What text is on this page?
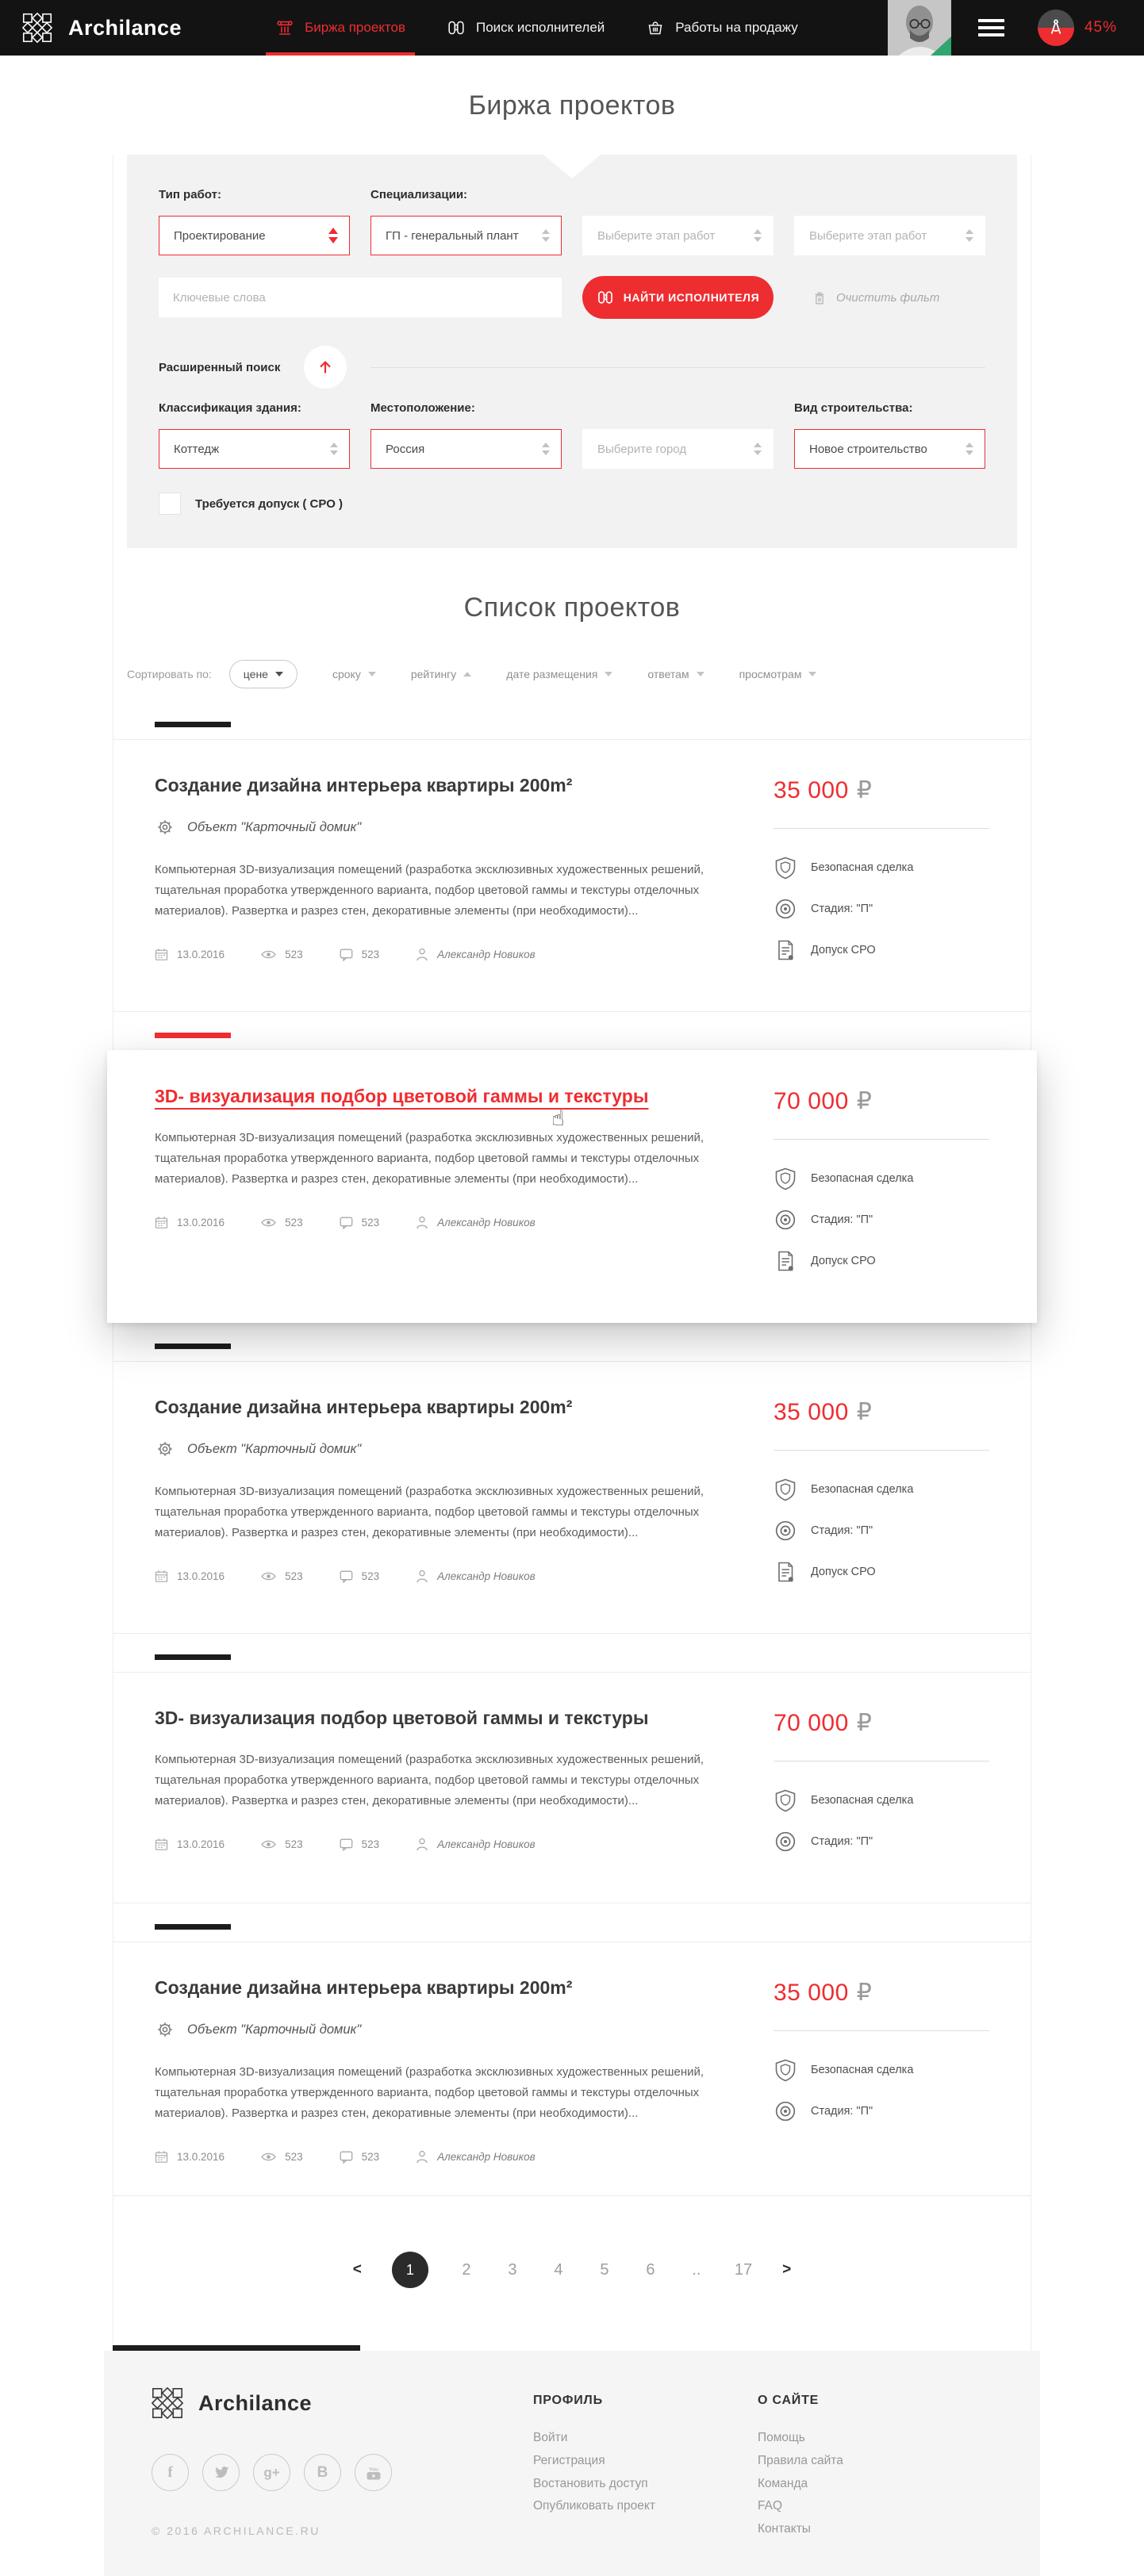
Archilance	Биржа проектов	Поиск исполнителей	Работы на продажу	45%
Биржа проектов
Тип работ:	Специализации:
Проектирование	ГП - генеральный плант	Выберите этап работ	Выберите этап работ
Ключевые слова
НАЙТИ ИСПОЛНИТЕЛЯ	Очистить фильт
Расширенный поиск
Классификация здания:	Местоположение:	Вид строительства:
Коттедж	Россия	Выберите город	Новое строительство
Требуется допуск ( СРО )
Список проектов
Сортировать по:	цене	сроку	рейтингу	дате размещения	ответам	просмотрам
Создание дизайна интерьера квартиры 200m²

Объект "Карточный домик"

Компьютерная 3D-визуализация помещений (разработка эксклюзивных художественных решений, тщательная проработка утвержденного варианта, подбор цветовой гаммы и текстуры отделочных материалов). Развертка и разрез стен, декоративные элементы (при необходимости)...

13.0.2016	523	523	Александр Новиков
35 000 ₽
Безопасная сделка
Стадия: "П"
Допуск СРО
3D- визуализация подбор цветовой гаммы и текстуры
☝

Компьютерная 3D-визуализация помещений (разработка эксклюзивных художественных решений, тщательная проработка утвержденного варианта, подбор цветовой гаммы и текстуры отделочных материалов). Развертка и разрез стен, декоративные элементы (при необходимости)...

13.0.2016	523	523	Александр Новиков
70 000 ₽
Безопасная сделка
Стадия: "П"
Допуск СРО
Создание дизайна интерьера квартиры 200m²

Объект "Карточный домик"

Компьютерная 3D-визуализация помещений (разработка эксклюзивных художественных решений, тщательная проработка утвержденного варианта, подбор цветовой гаммы и текстуры отделочных материалов). Развертка и разрез стен, декоративные элементы (при необходимости)...

13.0.2016	523	523	Александр Новиков
35 000 ₽
Безопасная сделка
Стадия: "П"
Допуск СРО
3D- визуализация подбор цветовой гаммы и текстуры

Компьютерная 3D-визуализация помещений (разработка эксклюзивных художественных решений, тщательная проработка утвержденного варианта, подбор цветовой гаммы и текстуры отделочных материалов). Развертка и разрез стен, декоративные элементы (при необходимости)...

13.0.2016	523	523	Александр Новиков
70 000 ₽
Безопасная сделка
Стадия: "П"
Создание дизайна интерьера квартиры 200m²

Объект "Карточный домик"

Компьютерная 3D-визуализация помещений (разработка эксклюзивных художественных решений, тщательная проработка утвержденного варианта, подбор цветовой гаммы и текстуры отделочных материалов). Развертка и разрез стен, декоративные элементы (при необходимости)...

13.0.2016	523	523	Александр Новиков
35 000 ₽
Безопасная сделка
Стадия: "П"
<	1	2 3 4 5 6 .. 17 >
Archilance
f	g+ B	You
© 2016 ARCHILANCE.RU
ПРОФИЛЬ
Войти
Регистрация
Востановить доступ
Опубликовать проект
О САЙТЕ
Помощь
Правила сайта
Команда
FAQ
Контакты
